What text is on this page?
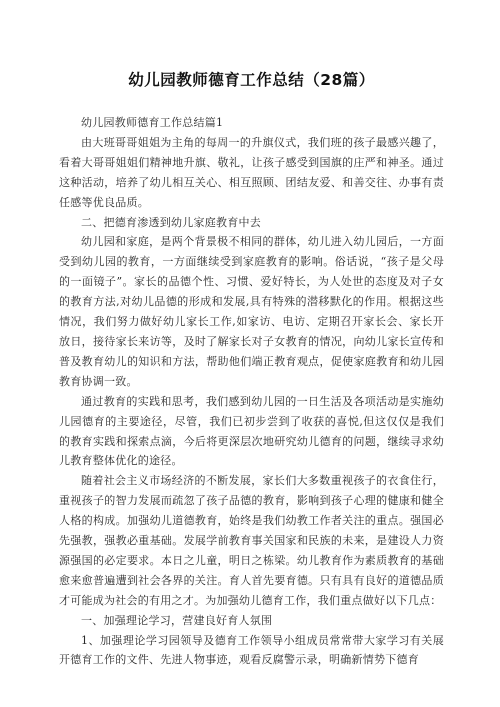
幼儿园教师德育工作总结（28篇）

幼儿园教师德育工作总结篇1

由大班哥哥姐姐为主角的每周一的升旗仪式，我们班的孩子最感兴趣了，看着大哥哥姐姐们精神地升旗、敬礼，让孩子感受到国旗的庄严和神圣。通过这种活动，培养了幼儿相互关心、相互照顾、团结友爱、和善交往、办事有责任感等优良品质。

二、把德育渗透到幼儿家庭教育中去

幼儿园和家庭，是两个背景极不相同的群体，幼儿进入幼儿园后，一方面受到幼儿园的教育，一方面继续受到家庭教育的影响。俗话说，“孩子是父母的一面镜子”。家长的品德个性、习惯、爱好特长，为人处世的态度及对子女的教育方法,对幼儿品德的形成和发展,具有特殊的潜移默化的作用。根据这些情况，我们努力做好幼儿家长工作,如家访、电访、定期召开家长会、家长开放日，接待家长来访等，及时了解家长对子女教育的情况，向幼儿家长宣传和普及教育幼儿的知识和方法，帮助他们端正教育观点，促使家庭教育和幼儿园教育协调一致。

通过教育的实践和思考，我们感到幼儿园的一日生活及各项活动是实施幼儿园德育的主要途径，尽管，我们已初步尝到了收获的喜悦,但这仅仅是我们的教育实践和探索点滴，今后将更深层次地研究幼儿德育的问题，继续寻求幼儿教育整体优化的途径。

随着社会主义市场经济的不断发展，家长们大多数重视孩子的衣食住行，重视孩子的智力发展而疏忽了孩子品德的教育，影响到孩子心理的健康和健全人格的构成。加强幼儿道德教育，始终是我们幼教工作者关注的重点。强国必先强教，强教必重基础。发展学前教育事关国家和民族的未来，是建设人力资源强国的必定要求。本日之儿童，明日之栋梁。幼儿教育作为素质教育的基础愈来愈普遍遭到社会各界的关注。育人首先要育德。只有具有良好的道德品质才可能成为社会的有用之才。为加强幼儿德育工作，我们重点做好以下几点：

一、加强理论学习，营建良好育人氛围

1、加强理论学习园领导及德育工作领导小组成员常常带大家学习有关展开德育工作的文件、先进人物事迹，观看反腐警示录，明确新情势下德育
